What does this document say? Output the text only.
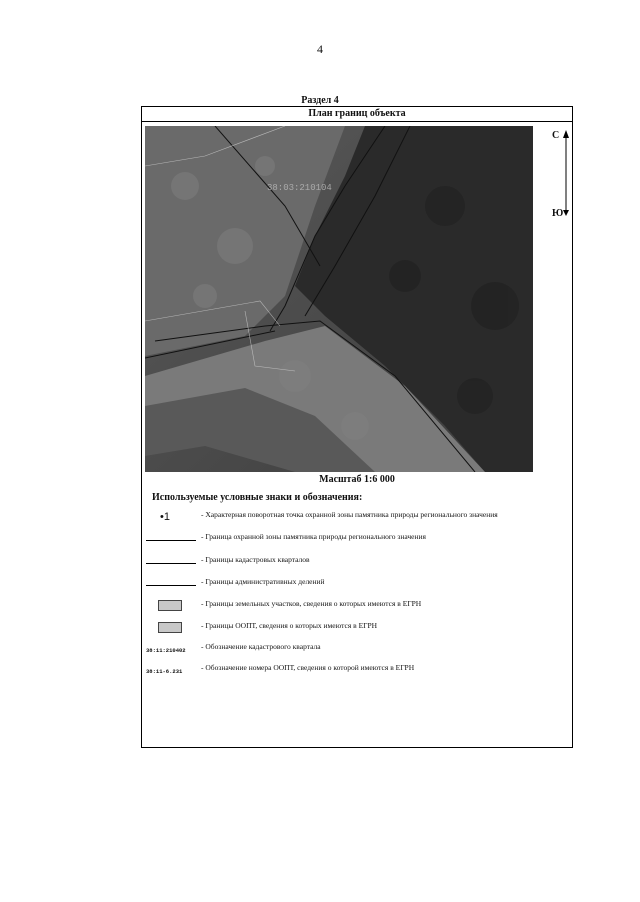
4
Раздел 4
План границ объекта
38:03:210104
С
Ю
Масштаб 1:6 000
Используемые условные знаки и обозначения:
•1	- Характерная поворотная точка охранной зоны памятника природы регионального значения
- Граница охранной зоны памятника природы регионального значения
- Границы кадастровых кварталов
- Границы административных делений
- Границы земельных участков, сведения о которых имеются в ЕГРН
- Границы ООПТ, сведения о которых имеются в ЕГРН
38:11:210402	- Обозначение кадастрового квартала
38:11-6.231	- Обозначение номера ООПТ, сведения о которой имеются в ЕГРН
